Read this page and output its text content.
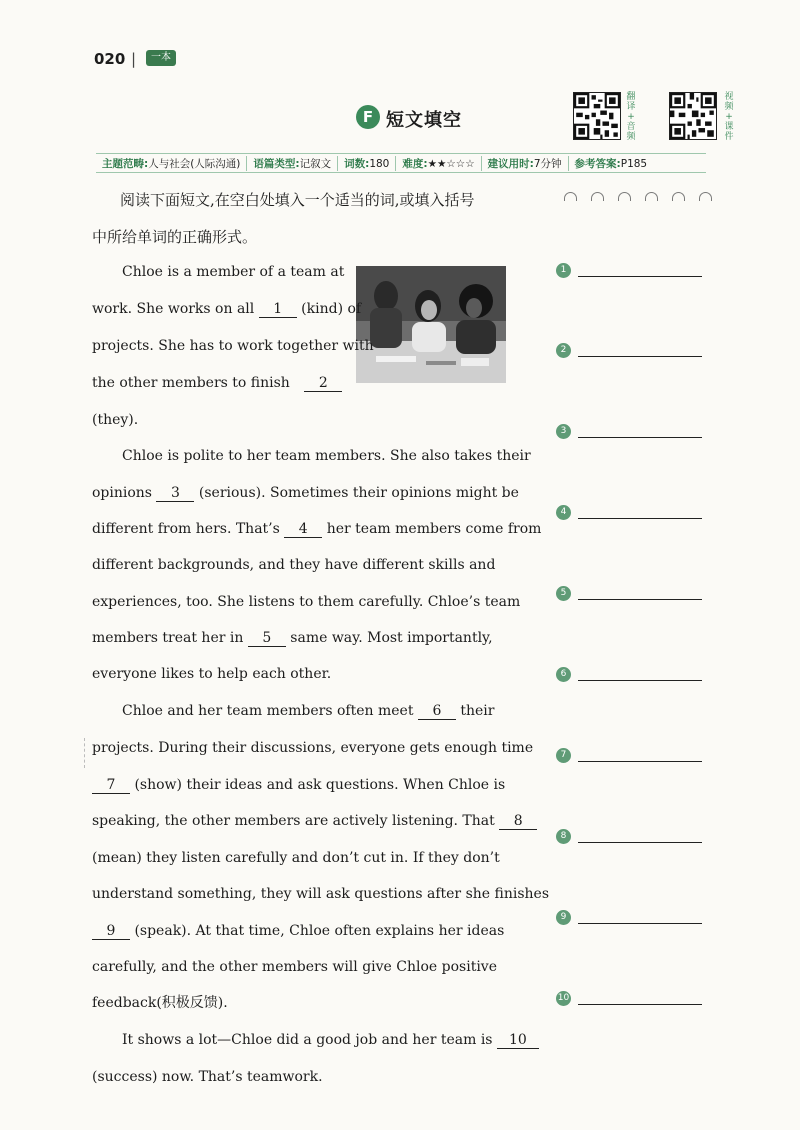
020 |	一本
F 短文填空
翻
译
+
音
频
视
频
+
课
件
主题范畴:人与社会(人际沟通)	语篇类型:记叙文	词数:180	难度:★★☆☆☆	建议用时:7分钟	参考答案:P185
阅读下面短文,在空白处填入一个适当的词,或填入括号
中所给单词的正确形式。
Chloe is a member of a team at
work. She works on all 1 (kind) of
projects. She has to work together with
the other members to finish 2
(they).
Chloe is polite to her team members. She also takes their
opinions 3 (serious). Sometimes their opinions might be
different from hers. That’s 4 her team members come from
different backgrounds, and they have different skills and
experiences, too. She listens to them carefully. Chloe’s team
members treat her in 5 same way. Most importantly,
everyone likes to help each other.
Chloe and her team members often meet 6 their
projects. During their discussions, everyone gets enough time
7 (show) their ideas and ask questions. When Chloe is
speaking, the other members are actively listening. That 8
(mean) they listen carefully and don’t cut in. If they don’t
understand something, they will ask questions after she finishes
9 (speak). At that time, Chloe often explains her ideas
carefully, and the other members will give Chloe positive
feedback(积极反馈).
It shows a lot—Chloe did a good job and her team is 10
(success) now. That’s teamwork.
1
2
3
4
5
6
7
8
9
10
